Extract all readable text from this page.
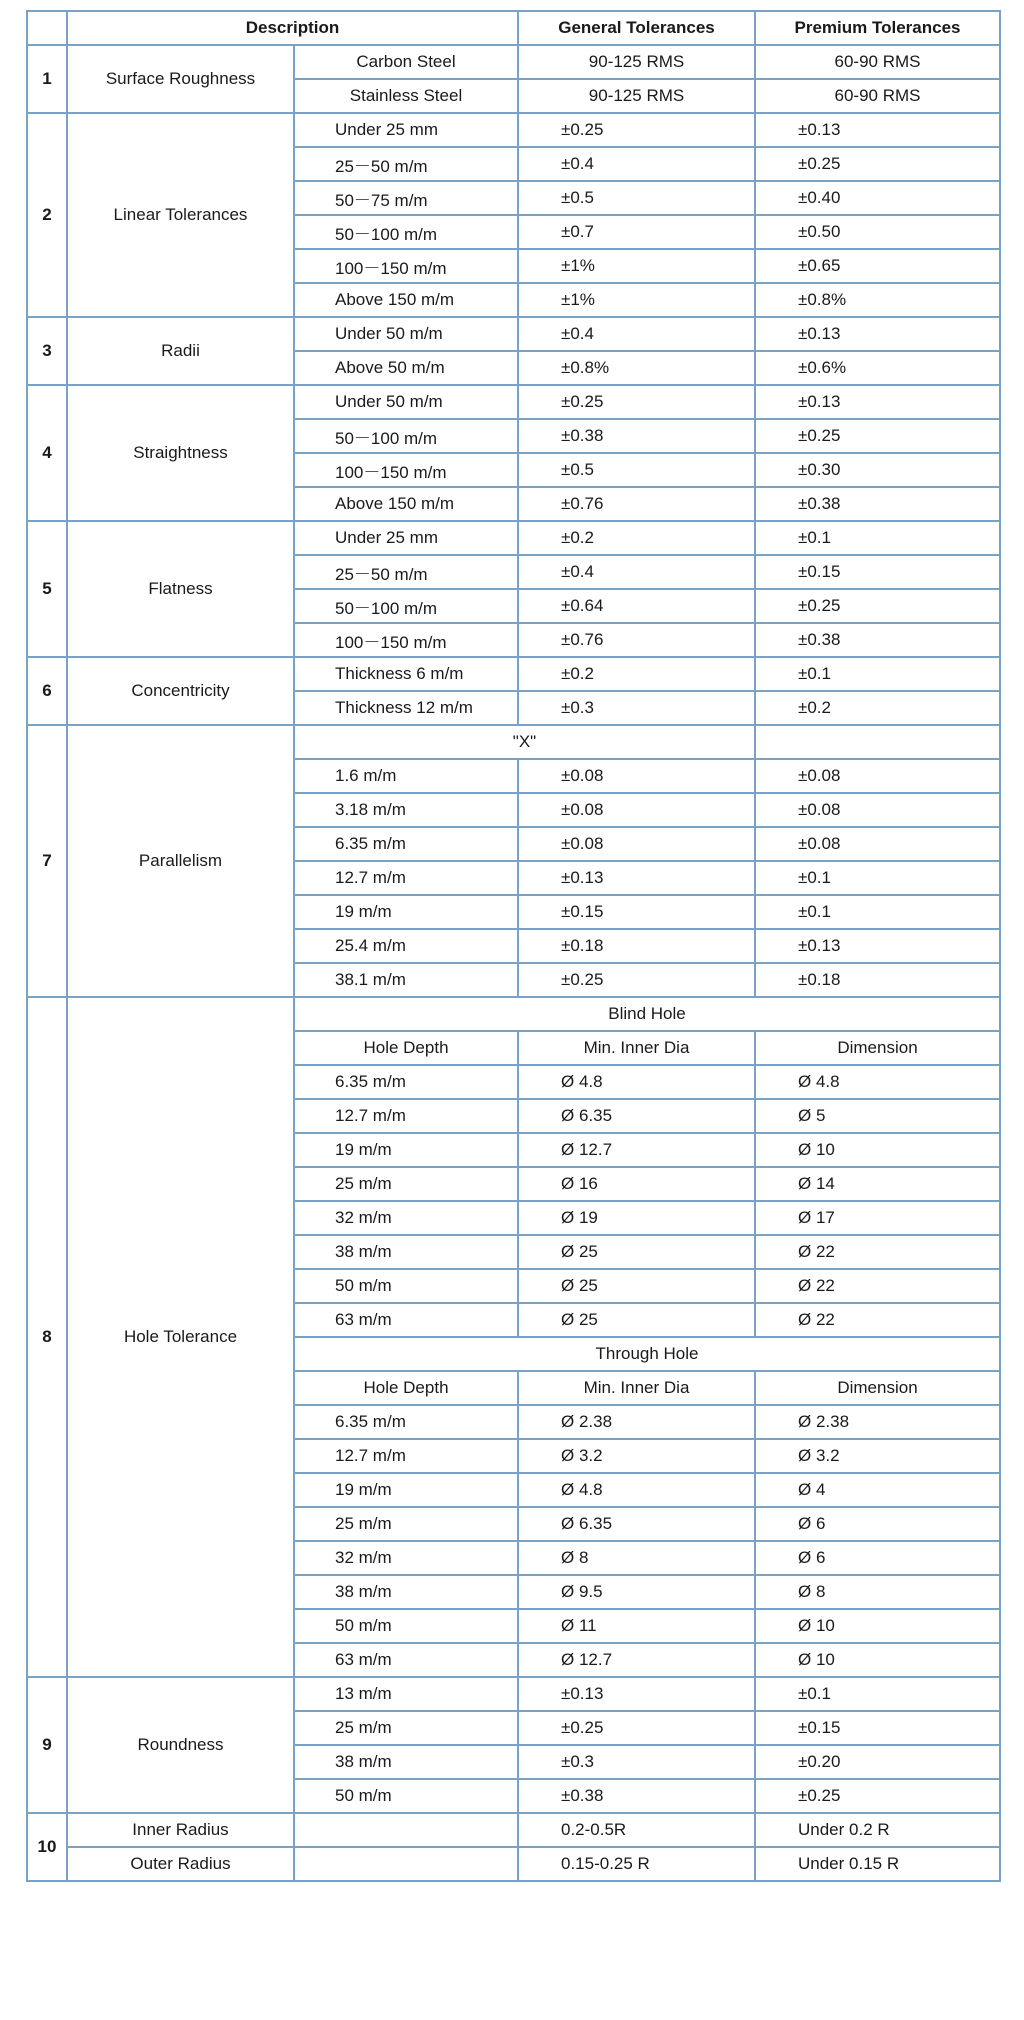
	Description		General Tolerances	Premium Tolerances
1	Surface Roughness	Carbon Steel	90-125 RMS	60-90 RMS
		Stainless Steel	90-125 RMS	60-90 RMS
2	Linear Tolerances	Under 25 mm	±0.25	±0.13
		25－50 m/m	±0.4	±0.25
		50－75 m/m	±0.5	±0.40
		50－100 m/m	±0.7	±0.50
		100－150 m/m	±1%	±0.65
		Above 150 m/m	±1%	±0.8%
3	Radii	Under 50 m/m	±0.4	±0.13
		Above 50 m/m	±0.8%	±0.6%
4	Straightness	Under 50 m/m	±0.25	±0.13
		50－100 m/m	±0.38	±0.25
		100－150 m/m	±0.5	±0.30
		Above 150 m/m	±0.76	±0.38
5	Flatness	Under 25 mm	±0.2	±0.1
		25－50 m/m	±0.4	±0.15
		50－100 m/m	±0.64	±0.25
		100－150 m/m	±0.76	±0.38
6	Concentricity	Thickness 6 m/m	±0.2	±0.1
		Thickness 12 m/m	±0.3	±0.2
7	Parallelism	"X"		
		1.6 m/m	±0.08	±0.08
		3.18 m/m	±0.08	±0.08
		6.35 m/m	±0.08	±0.08
		12.7 m/m	±0.13	±0.1
		19 m/m	±0.15	±0.1
		25.4 m/m	±0.18	±0.13
		38.1 m/m	±0.25	±0.18
8	Hole Tolerance	Blind Hole		
		Hole Depth	Min. Inner Dia	Dimension
		6.35 m/m	Ø 4.8	Ø 4.8
		12.7 m/m	Ø 6.35	Ø 5
		19 m/m	Ø 12.7	Ø 10
		25 m/m	Ø 16	Ø 14
		32 m/m	Ø 19	Ø 17
		38 m/m	Ø 25	Ø 22
		50 m/m	Ø 25	Ø 22
		63 m/m	Ø 25	Ø 22
		Through Hole		
		Hole Depth	Min. Inner Dia	Dimension
		6.35 m/m	Ø 2.38	Ø 2.38
		12.7 m/m	Ø 3.2	Ø 3.2
		19 m/m	Ø 4.8	Ø 4
		25 m/m	Ø 6.35	Ø 6
		32 m/m	Ø 8	Ø 6
		38 m/m	Ø 9.5	Ø 8
		50 m/m	Ø 11	Ø 10
		63 m/m	Ø 12.7	Ø 10
9	Roundness	13 m/m	±0.13	±0.1
		25 m/m	±0.25	±0.15
		38 m/m	±0.3	±0.20
		50 m/m	±0.38	±0.25
10	Inner Radius		0.2-0.5R	Under 0.2 R
	Outer Radius		0.15-0.25 R	Under 0.15 R
